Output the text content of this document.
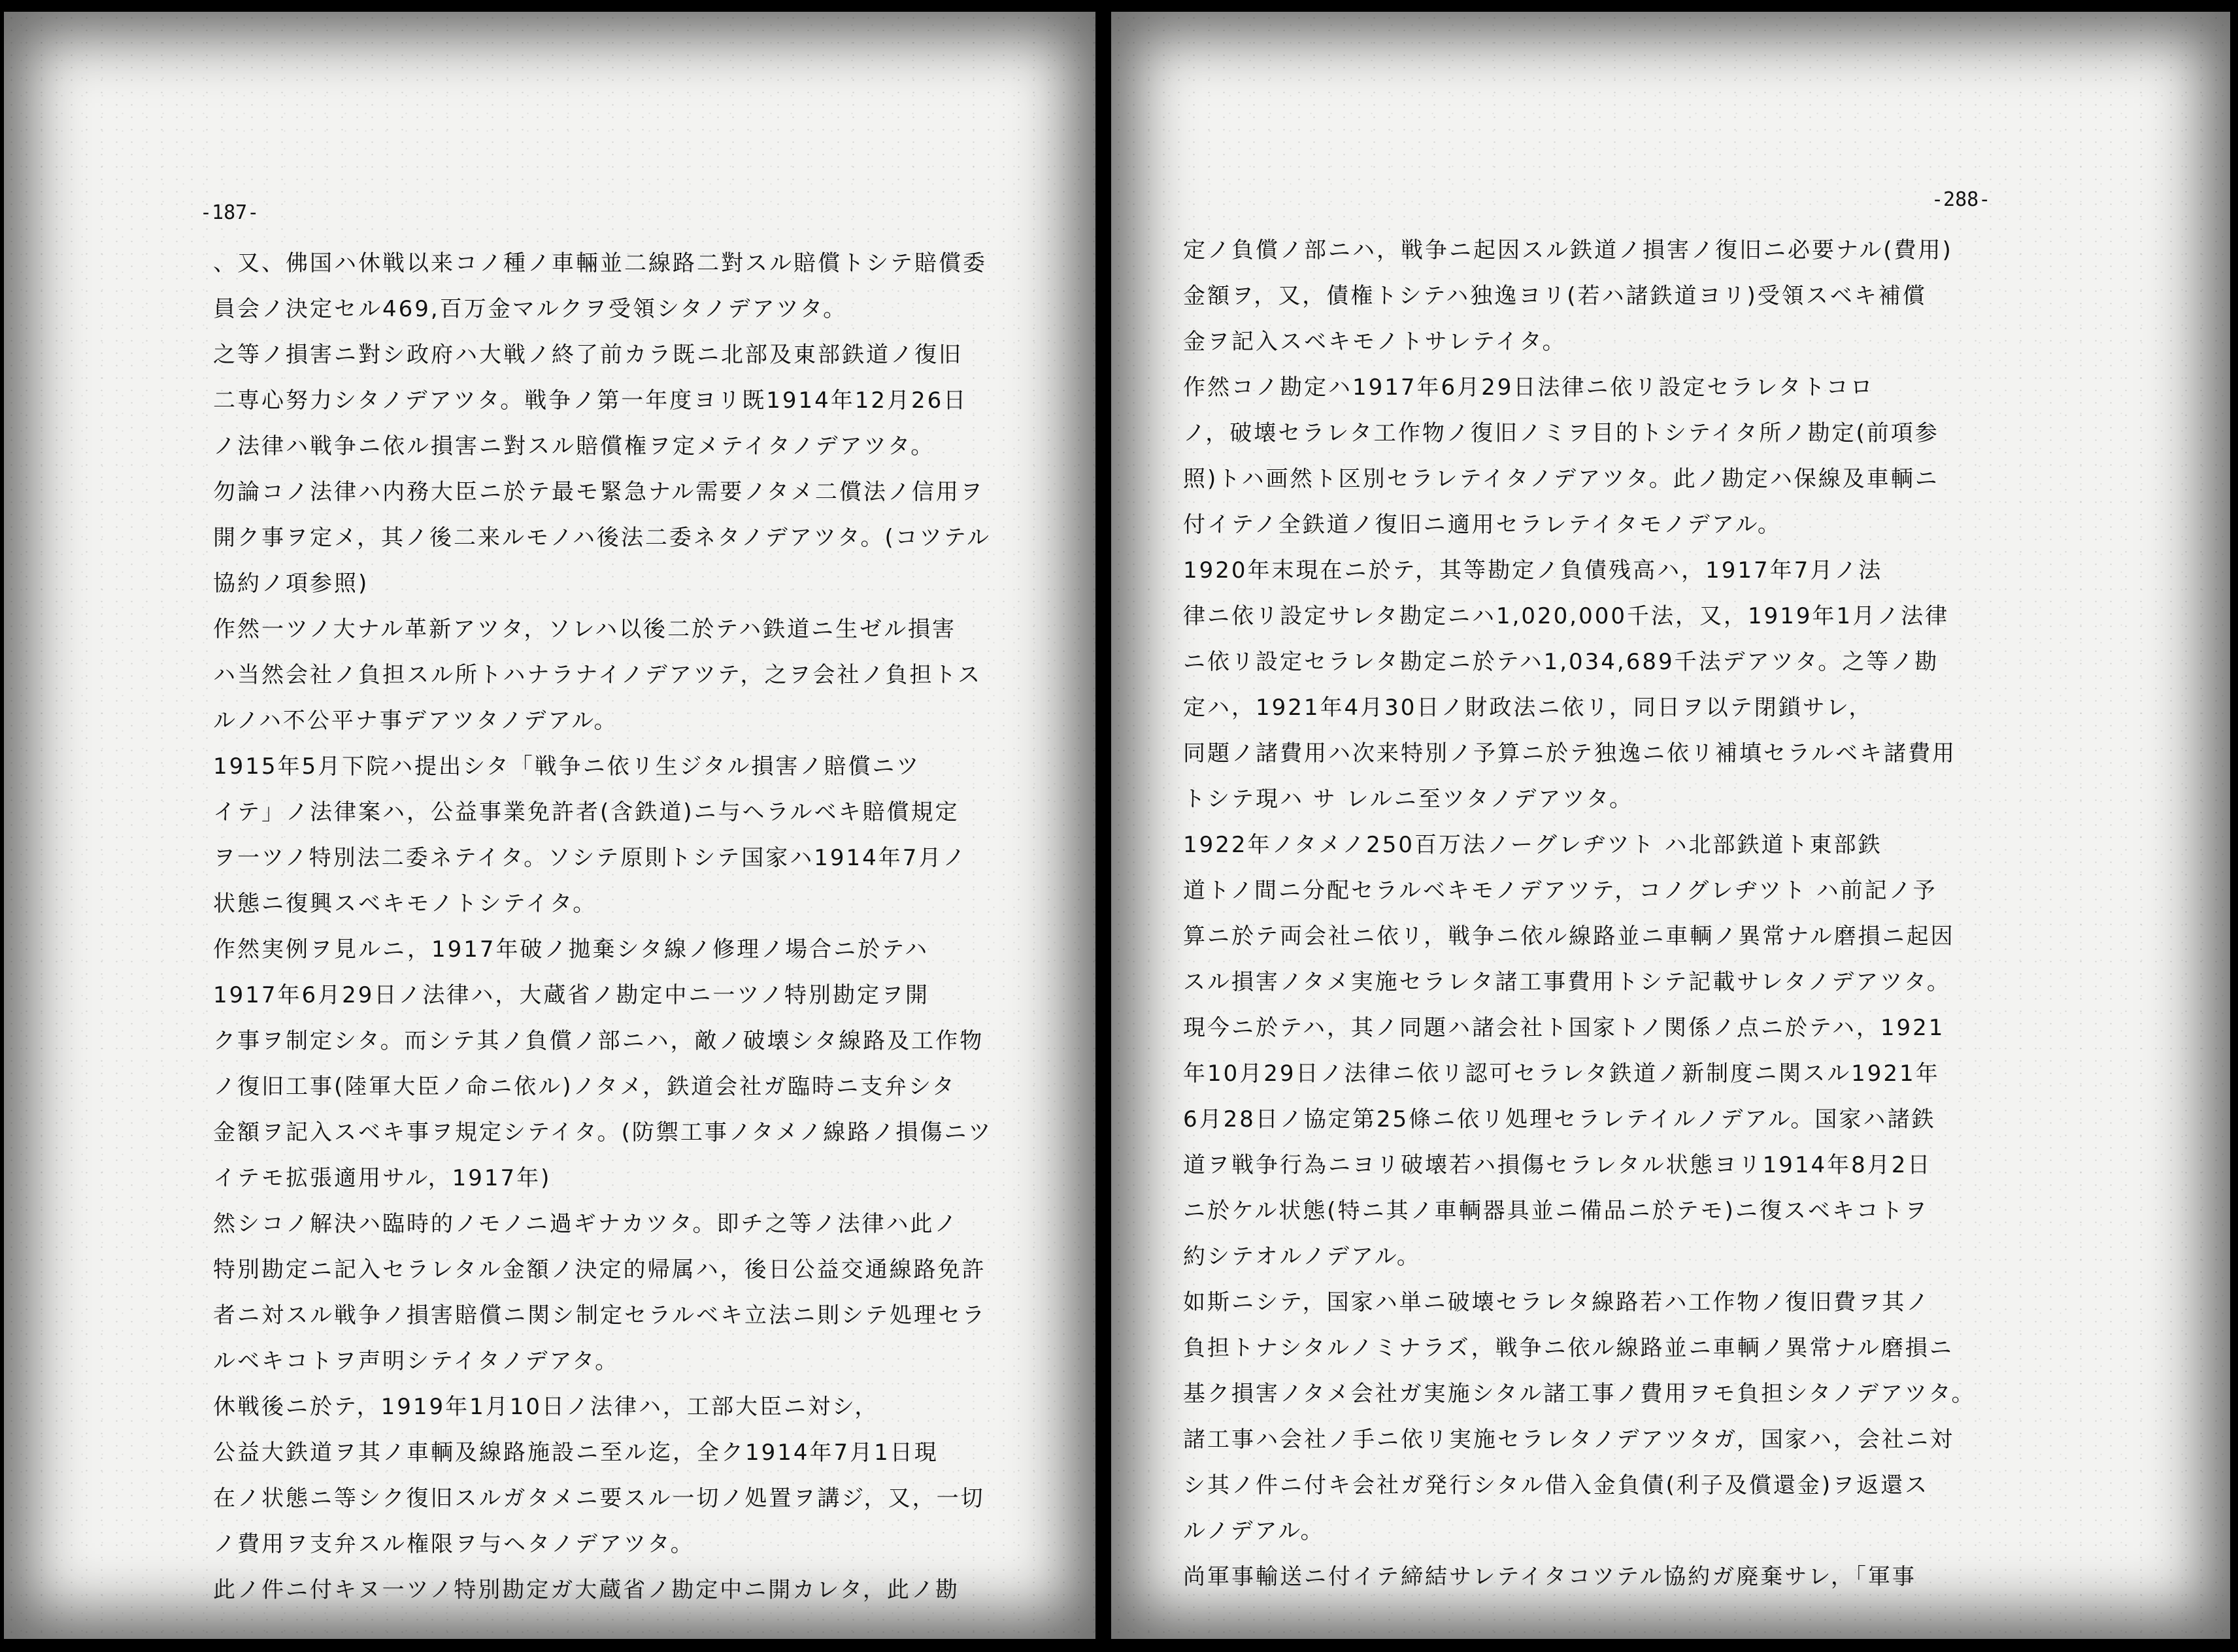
-187-
、又、佛国ハ休戦以来コノ種ノ車輛並二線路二對スル賠償トシテ賠償委
員会ノ決定セル469,百万金マルクヲ受領シタノデアツタ。
之等ノ損害ニ對シ政府ハ大戦ノ終了前カラ既ニ北部及東部鉄道ノ復旧
二専心努力シタノデアツタ。戦争ノ第一年度ヨリ既1914年12月26日
ノ法律ハ戦争ニ依ル損害ニ對スル賠償権ヲ定メテイタノデアツタ。
勿論コノ法律ハ内務大臣ニ於テ最モ緊急ナル需要ノタメ二償法ノ信用ヲ
開ク事ヲ定メ，其ノ後二来ルモノハ後法二委ネタノデアツタ。(コツテル
協約ノ項参照)
作然一ツノ大ナル革新アツタ，ソレハ以後二於テハ鉄道ニ生ゼル損害
ハ当然会社ノ負担スル所トハナラナイノデアツテ，之ヲ会社ノ負担トス
ルノハ不公平ナ事デアツタノデアル。
1915年5月下院ハ提出シタ「戦争ニ依リ生ジタル損害ノ賠償ニツ
イテ」ノ法律案ハ，公益事業免許者(含鉄道)ニ与ヘラルベキ賠償規定
ヲ一ツノ特別法二委ネテイタ。ソシテ原則トシテ国家ハ1914年7月ノ
状態ニ復興スベキモノトシテイタ。
作然実例ヲ見ルニ，1917年破ノ拋棄シタ線ノ修理ノ場合ニ於テハ
1917年6月29日ノ法律ハ，大蔵省ノ勘定中ニ一ツノ特別勘定ヲ開
ク事ヲ制定シタ。而シテ其ノ負償ノ部ニハ，敵ノ破壊シタ線路及工作物
ノ復旧工事(陸軍大臣ノ命ニ依ル)ノタメ，鉄道会社ガ臨時ニ支弁シタ
金額ヲ記入スベキ事ヲ規定シテイタ。(防禦工事ノタメノ線路ノ損傷ニツ
イテモ拡張適用サル，1917年)
然シコノ解決ハ臨時的ノモノニ過ギナカツタ。即チ之等ノ法律ハ此ノ
特別勘定ニ記入セラレタル金額ノ決定的帰属ハ，後日公益交通線路免許
者ニ対スル戦争ノ損害賠償ニ関シ制定セラルベキ立法ニ則シテ処理セラ
ルベキコトヲ声明シテイタノデアタ。
休戦後ニ於テ，1919年1月10日ノ法律ハ，工部大臣ニ対シ，
公益大鉄道ヲ其ノ車輌及線路施設ニ至ル迄，全ク1914年7月1日現
在ノ状態ニ等シク復旧スルガタメニ要スル一切ノ処置ヲ講ジ，又，一切
ノ費用ヲ支弁スル権限ヲ与ヘタノデアツタ。
此ノ件ニ付キヌ一ツノ特別勘定ガ大蔵省ノ勘定中ニ開カレタ，此ノ勘
-288-
定ノ負償ノ部ニハ，戦争ニ起因スル鉄道ノ損害ノ復旧ニ必要ナル(費用)
金額ヲ，又，債権トシテハ独逸ヨリ(若ハ諸鉄道ヨリ)受領スベキ補償
金ヲ記入スベキモノトサレテイタ。
作然コノ勘定ハ1917年6月29日法律ニ依リ設定セラレタトコロ
ノ，破壊セラレタ工作物ノ復旧ノミヲ目的トシテイタ所ノ勘定(前項参
照)トハ画然ト区別セラレテイタノデアツタ。此ノ勘定ハ保線及車輌ニ
付イテノ全鉄道ノ復旧ニ適用セラレテイタモノデアル。
1920年末現在ニ於テ，其等勘定ノ負債残高ハ，1917年7月ノ法
律ニ依リ設定サレタ勘定ニハ1,020,000千法，又，1919年1月ノ法律
ニ依リ設定セラレタ勘定ニ於テハ1,034,689千法デアツタ。之等ノ勘
定ハ，1921年4月30日ノ財政法ニ依リ，同日ヲ以テ閉鎖サレ，
同題ノ諸費用ハ次来特別ノ予算ニ於テ独逸ニ依リ補填セラルベキ諸費用
トシテ現ハ サ レルニ至ツタノデアツタ。
1922年ノタメノ250百万法ノーグレヂツト ハ北部鉄道ト東部鉄
道トノ間ニ分配セラルベキモノデアツテ，コノグレヂツト ハ前記ノ予
算ニ於テ両会社ニ依リ，戦争ニ依ル線路並ニ車輌ノ異常ナル磨損ニ起因
スル損害ノタメ実施セラレタ諸工事費用トシテ記載サレタノデアツタ。
現今ニ於テハ，其ノ同題ハ諸会社ト国家トノ関係ノ点ニ於テハ，1921
年10月29日ノ法律ニ依リ認可セラレタ鉄道ノ新制度ニ関スル1921年
6月28日ノ協定第25條ニ依リ処理セラレテイルノデアル。国家ハ諸鉄
道ヲ戦争行為ニヨリ破壊若ハ損傷セラレタル状態ヨリ1914年8月2日
ニ於ケル状態(特ニ其ノ車輌器具並ニ備品ニ於テモ)ニ復スベキコトヲ
約シテオルノデアル。
如斯ニシテ，国家ハ単ニ破壊セラレタ線路若ハ工作物ノ復旧費ヲ其ノ
負担トナシタルノミナラズ，戦争ニ依ル線路並ニ車輌ノ異常ナル磨損ニ
基ク損害ノタメ会社ガ実施シタル諸工事ノ費用ヲモ負担シタノデアツタ。
諸工事ハ会社ノ手ニ依リ実施セラレタノデアツタガ，国家ハ，会社ニ対
シ其ノ件ニ付キ会社ガ発行シタル借入金負債(利子及償還金)ヲ返還ス
ルノデアル。
尚軍事輸送ニ付イテ締結サレテイタコツテル協約ガ廃棄サレ，「軍事
